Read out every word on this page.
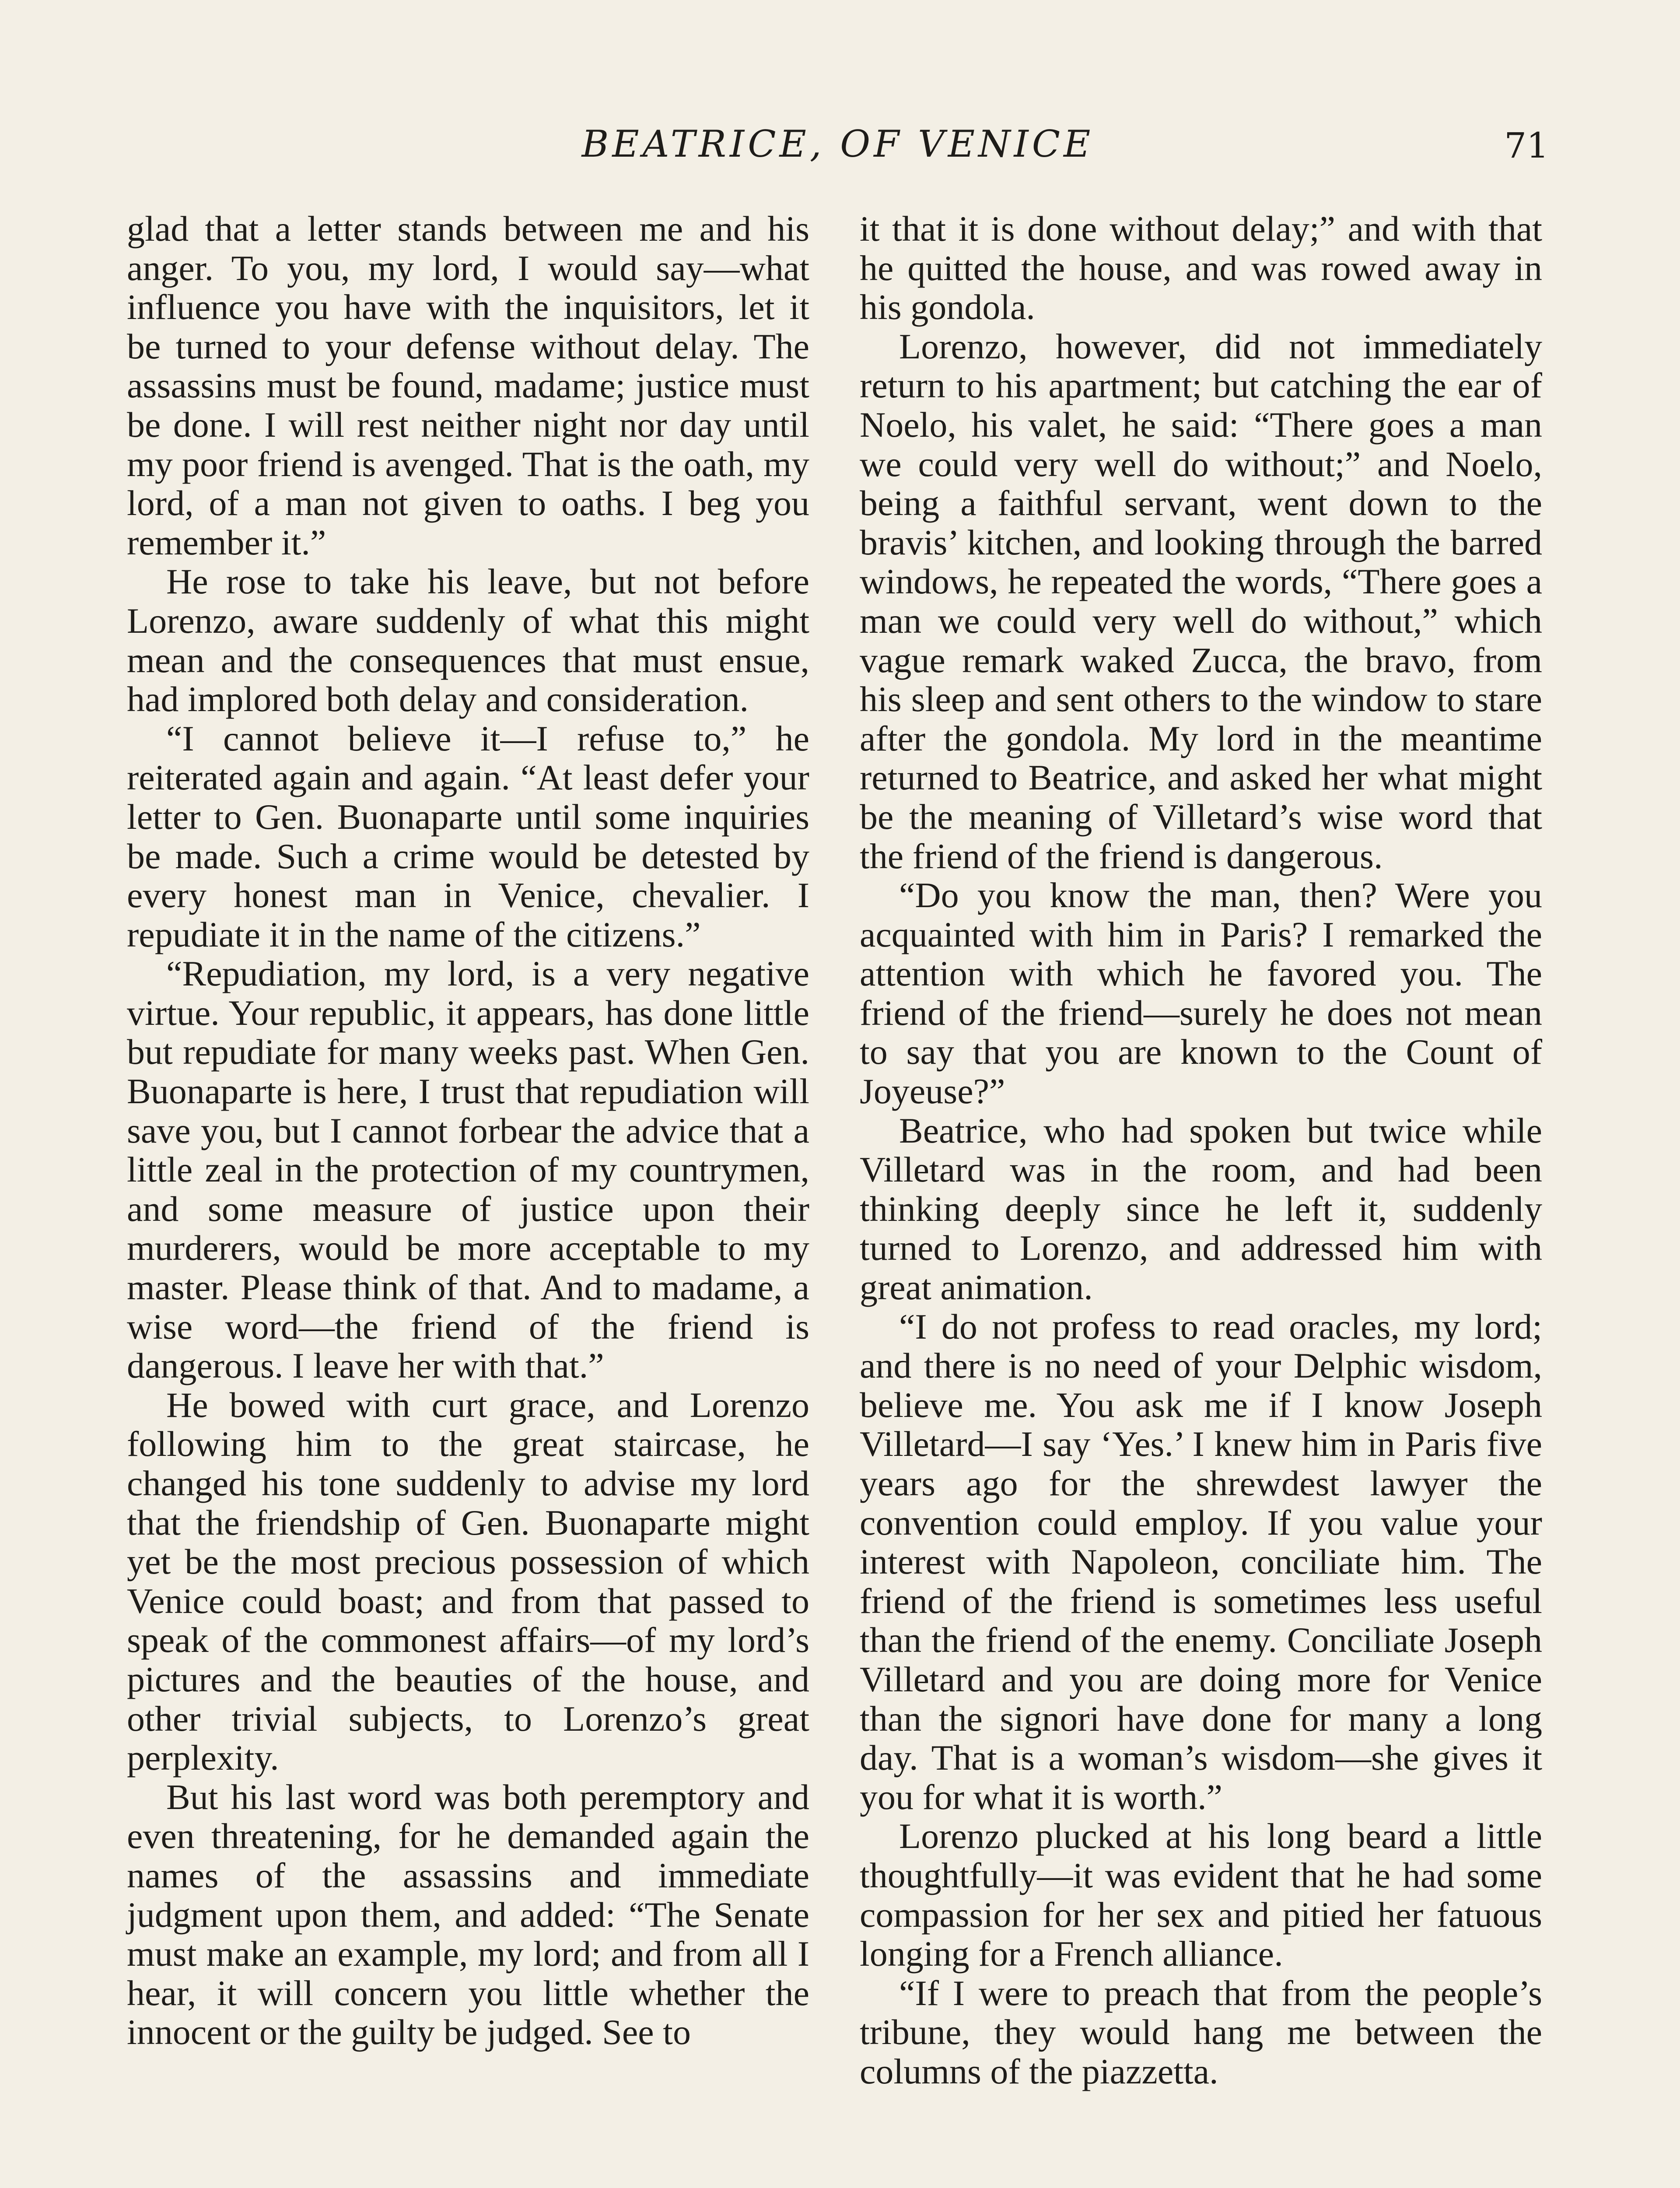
BEATRICE, OF VENICE	71

glad that a letter stands between me and his anger. To you, my lord, I would say—what influence you have with the inquisitors, let it be turned to your defense without delay. The assassins must be found, madame; justice must be done. I will rest neither night nor day until my poor friend is avenged. That is the oath, my lord, of a man not given to oaths. I beg you remember it.”

He rose to take his leave, but not before Lorenzo, aware suddenly of what this might mean and the consequences that must ensue, had implored both delay and consideration.

“I cannot believe it—I refuse to,” he reiterated again and again. “At least defer your letter to Gen. Buonaparte until some inquiries be made. Such a crime would be detested by every honest man in Venice, chevalier. I repudiate it in the name of the citizens.”

“Repudiation, my lord, is a very negative virtue. Your republic, it appears, has done little but repudiate for many weeks past. When Gen. Buonaparte is here, I trust that repudiation will save you, but I cannot forbear the advice that a little zeal in the protection of my countrymen, and some measure of justice upon their murderers, would be more acceptable to my master. Please think of that. And to madame, a wise word—the friend of the friend is dangerous. I leave her with that.”

He bowed with curt grace, and Lorenzo following him to the great staircase, he changed his tone suddenly to advise my lord that the friendship of Gen. Buonaparte might yet be the most precious possession of which Venice could boast; and from that passed to speak of the commonest affairs—of my lord’s pictures and the beauties of the house, and other trivial subjects, to Lorenzo’s great perplexity.

But his last word was both peremptory and even threatening, for he demanded again the names of the assassins and immediate judgment upon them, and added: “The Senate must make an example, my lord; and from all I hear, it will concern you little whether the innocent or the guilty be judged. See to

it that it is done without delay;” and with that he quitted the house, and was rowed away in his gondola.

Lorenzo, however, did not immediately return to his apartment; but catching the ear of Noelo, his valet, he said: “There goes a man we could very well do without;” and Noelo, being a faithful servant, went down to the bravis’ kitchen, and looking through the barred windows, he repeated the words, “There goes a man we could very well do without,” which vague remark waked Zucca, the bravo, from his sleep and sent others to the window to stare after the gondola. My lord in the meantime returned to Beatrice, and asked her what might be the meaning of Villetard’s wise word that the friend of the friend is dangerous.

“Do you know the man, then? Were you acquainted with him in Paris? I remarked the attention with which he favored you. The friend of the friend—surely he does not mean to say that you are known to the Count of Joyeuse?”

Beatrice, who had spoken but twice while Villetard was in the room, and had been thinking deeply since he left it, suddenly turned to Lorenzo, and addressed him with great animation.

“I do not profess to read oracles, my lord; and there is no need of your Delphic wisdom, believe me. You ask me if I know Joseph Villetard—I say ‘Yes.’ I knew him in Paris five years ago for the shrewdest lawyer the convention could employ. If you value your interest with Napoleon, conciliate him. The friend of the friend is sometimes less useful than the friend of the enemy. Conciliate Joseph Villetard and you are doing more for Venice than the signori have done for many a long day. That is a woman’s wisdom—she gives it you for what it is worth.”

Lorenzo plucked at his long beard a little thoughtfully—it was evident that he had some compassion for her sex and pitied her fatuous longing for a French alliance.

“If I were to preach that from the people’s tribune, they would hang me between the columns of the piazzetta.
